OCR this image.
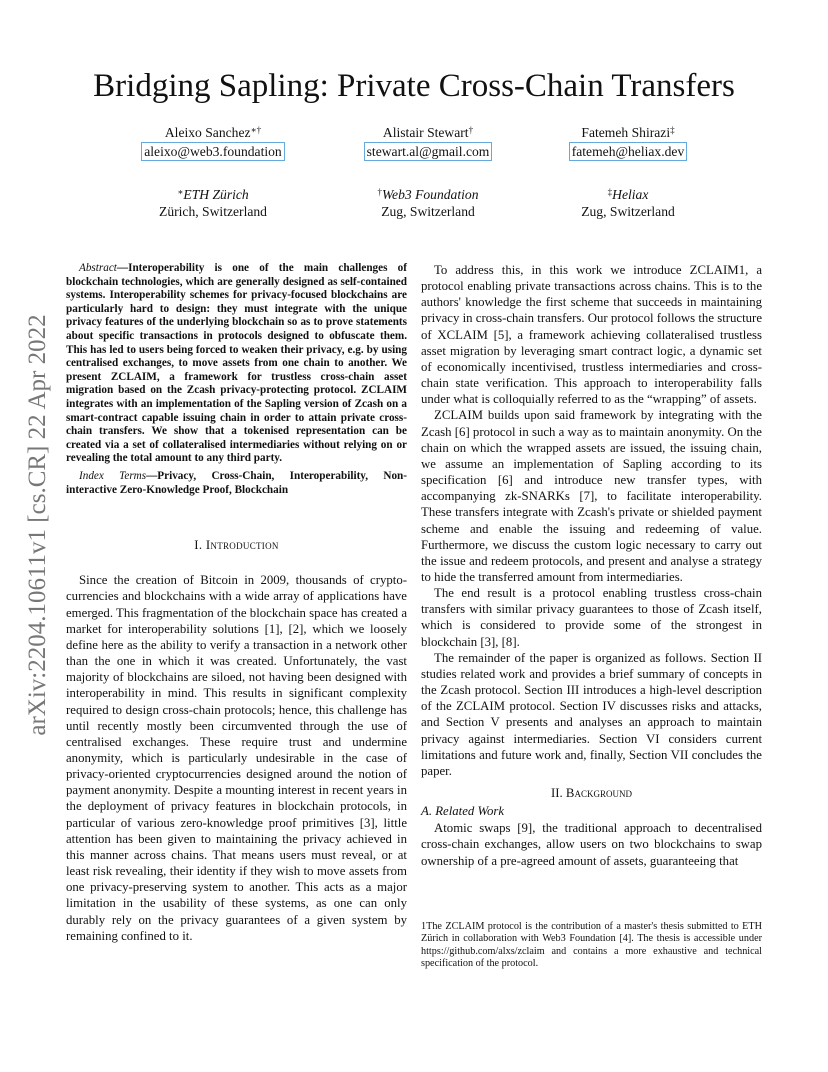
Bridging Sapling: Private Cross-Chain Transfers
Aleixo Sanchez∗†
aleixo@web3.foundation
∗ETH Zürich
Zürich, Switzerland
Alistair Stewart†
stewart.al@gmail.com
†Web3 Foundation
Zug, Switzerland
Fatemeh Shirazi‡
fatemeh@heliax.dev
‡Heliax
Zug, Switzerland
arXiv:2204.10611v1 [cs.CR] 22 Apr 2022

Abstract—Interoperability is one of the main challenges of blockchain technologies, which are generally designed as self-contained systems. Interoperability schemes for privacy-focused blockchains are particularly hard to design: they must integrate with the unique privacy features of the underlying blockchain so as to prove statements about specific transactions in protocols designed to obfuscate them. This has led to users being forced to weaken their privacy, e.g. by using centralised exchanges, to move assets from one chain to another. We present ZCLAIM, a framework for trustless cross-chain asset migration based on the Zcash privacy-protecting protocol. ZCLAIM integrates with an implementation of the Sapling version of Zcash on a smart-contract capable issuing chain in order to attain private cross-chain transfers. We show that a tokenised representation can be created via a set of collateralised intermediaries without relying on or revealing the total amount to any third party.

Index Terms—Privacy, Cross-Chain, Interoperability, Non-interactive Zero-Knowledge Proof, Blockchain

I. Introduction

Since the creation of Bitcoin in 2009, thousands of crypto-currencies and blockchains with a wide array of applications have emerged. This fragmentation of the blockchain space has created a market for interoperability solutions [1], [2], which we loosely define here as the ability to verify a transaction in a network other than the one in which it was created. Unfortunately, the vast majority of blockchains are siloed, not having been designed with interoperability in mind. This results in significant complexity required to design cross-chain protocols; hence, this challenge has until recently mostly been circumvented through the use of centralised exchanges. These require trust and undermine anonymity, which is particularly undesirable in the case of privacy-oriented cryptocurrencies designed around the notion of payment anonymity. Despite a mounting interest in recent years in the deployment of privacy features in blockchain protocols, in particular of various zero-knowledge proof primitives [3], little attention has been given to maintaining the privacy achieved in this manner across chains. That means users must reveal, or at least risk revealing, their identity if they wish to move assets from one privacy-preserving system to another. This acts as a major limitation in the usability of these systems, as one can only durably rely on the privacy guarantees of a given system by remaining confined to it.

To address this, in this work we introduce ZCLAIM1, a protocol enabling private transactions across chains. This is to the authors' knowledge the first scheme that succeeds in maintaining privacy in cross-chain transfers. Our protocol follows the structure of XCLAIM [5], a framework achieving collateralised trustless asset migration by leveraging smart contract logic, a dynamic set of economically incentivised, trustless intermediaries and cross-chain state verification. This approach to interoperability falls under what is colloquially referred to as the “wrapping” of assets.

ZCLAIM builds upon said framework by integrating with the Zcash [6] protocol in such a way as to maintain anonymity. On the chain on which the wrapped assets are issued, the issuing chain, we assume an implementation of Sapling according to its specification [6] and introduce new transfer types, with accompanying zk-SNARKs [7], to facilitate interoperability. These transfers integrate with Zcash's private or shielded payment scheme and enable the issuing and redeeming of value. Furthermore, we discuss the custom logic necessary to carry out the issue and redeem protocols, and present and analyse a strategy to hide the transferred amount from intermediaries.

The end result is a protocol enabling trustless cross-chain transfers with similar privacy guarantees to those of Zcash itself, which is considered to provide some of the strongest in blockchain [3], [8].

The remainder of the paper is organized as follows. Section II studies related work and provides a brief summary of concepts in the Zcash protocol. Section III introduces a high-level description of the ZCLAIM protocol. Section IV discusses risks and attacks, and Section V presents and analyses an approach to maintain privacy against intermediaries. Section VI considers current limitations and future work and, finally, Section VII concludes the paper.

II. Background

A. Related Work

Atomic swaps [9], the traditional approach to decentralised cross-chain exchanges, allow users on two blockchains to swap ownership of a pre-agreed amount of assets, guaranteeing that

1The ZCLAIM protocol is the contribution of a master's thesis submitted to ETH Zürich in collaboration with Web3 Foundation [4]. The thesis is accessible under https://github.com/alxs/zclaim and contains a more exhaustive and technical specification of the protocol.
